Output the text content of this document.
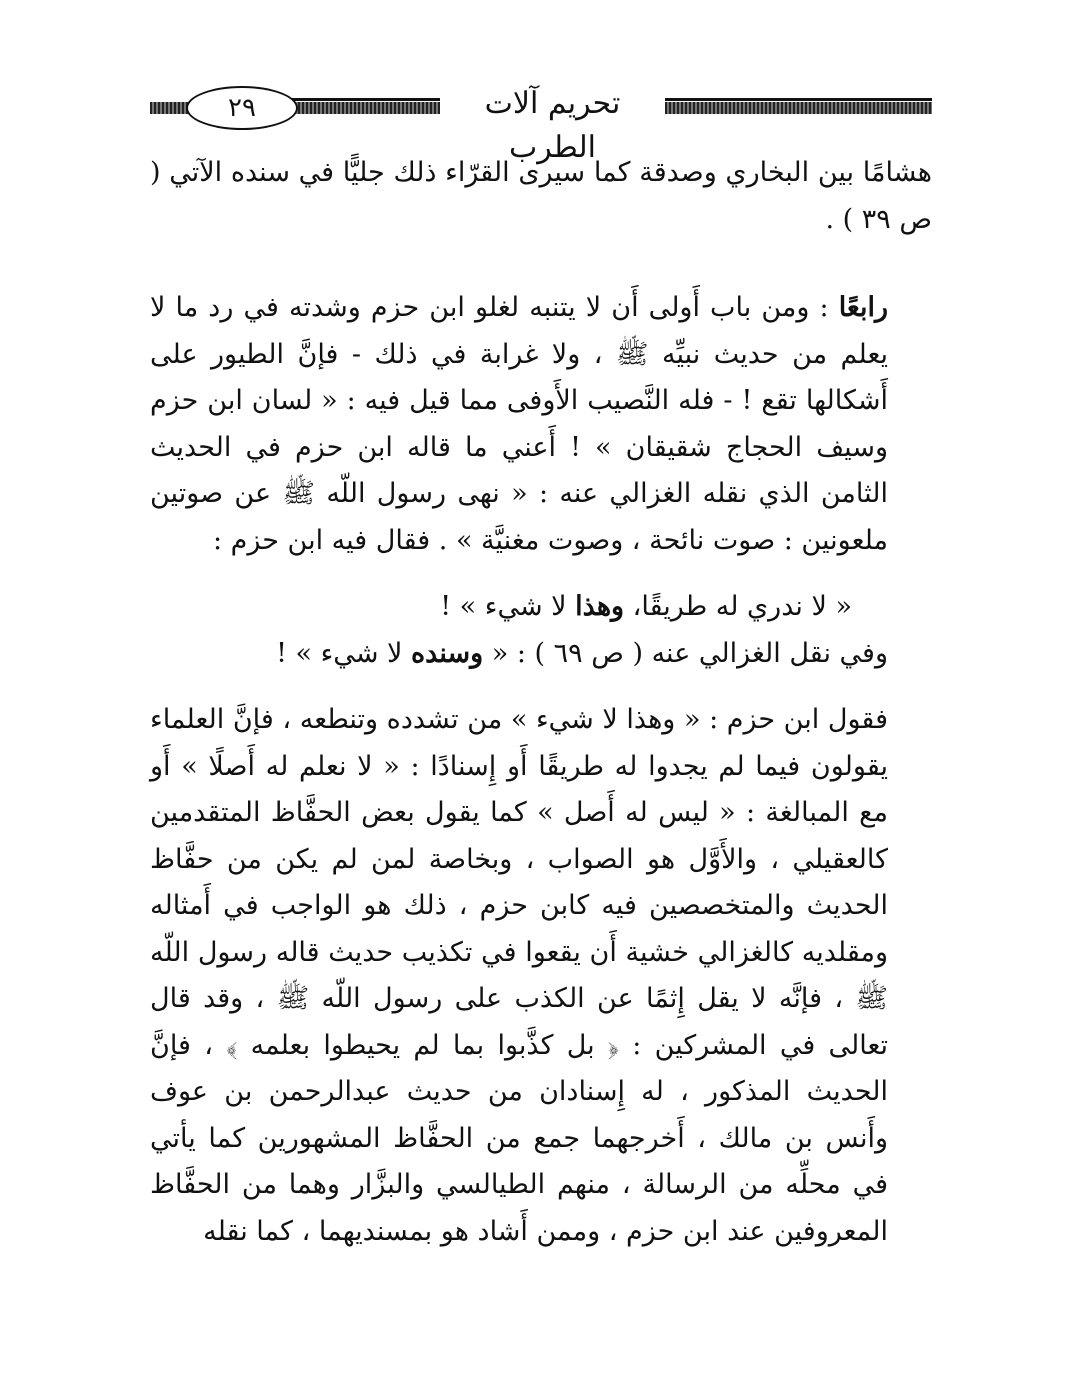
٢٩	تحريم آلات الطرب

هشامًا بين البخاري وصدقة كما سيرى القرّاء ذلك جليًّا في سنده الآتي ( ص ٣٩ ) .

رابعًا : ومن باب أَولى أَن لا يتنبه لغلو ابن حزم وشدته في رد ما لا يعلم من حديث نبيِّه ﷺ ، ولا غرابة في ذلك - فإنَّ الطيور على أَشكالها تقع ! - فله النَّصيب الأَوفى مما قيل فيه : « لسان ابن حزم وسيف الحجاج شقيقان » ! أَعني ما قاله ابن حزم في الحديث الثامن الذي نقله الغزالي عنه : « نهى رسول اللّه ﷺ عن صوتين ملعونين : صوت نائحة ، وصوت مغنيَّة » . فقال فيه ابن حزم :

« لا ندري له طريقًا، وهذا لا شيء » !

وفي نقل الغزالي عنه ( ص ٦٩ ) : « وسنده لا شيء » !

فقول ابن حزم : « وهذا لا شيء » من تشدده وتنطعه ، فإنَّ العلماء يقولون فيما لم يجدوا له طريقًا أَو إِسنادًا : « لا نعلم له أَصلًا » أَو مع المبالغة : « ليس له أَصل » كما يقول بعض الحفَّاظ المتقدمين كالعقيلي ، والأَوَّل هو الصواب ، وبخاصة لمن لم يكن من حفَّاظ الحديث والمتخصصين فيه كابن حزم ، ذلك هو الواجب في أَمثاله ومقلديه كالغزالي خشية أَن يقعوا في تكذيب حديث قاله رسول اللّه ﷺ ، فإنَّه لا يقل إِثمًا عن الكذب على رسول اللّه ﷺ ، وقد قال تعالى في المشركين : ﴿ بل كذَّبوا بما لم يحيطوا بعلمه ﴾ ، فإنَّ الحديث المذكور ، له إِسنادان من حديث عبدالرحمن بن عوف وأَنس بن مالك ، أَخرجهما جمع من الحفَّاظ المشهورين كما يأتي في محلِّه من الرسالة ، منهم الطيالسي والبزَّار وهما من الحفَّاظ المعروفين عند ابن حزم ، وممن أَشاد هو بمسنديهما ، كما نقله
